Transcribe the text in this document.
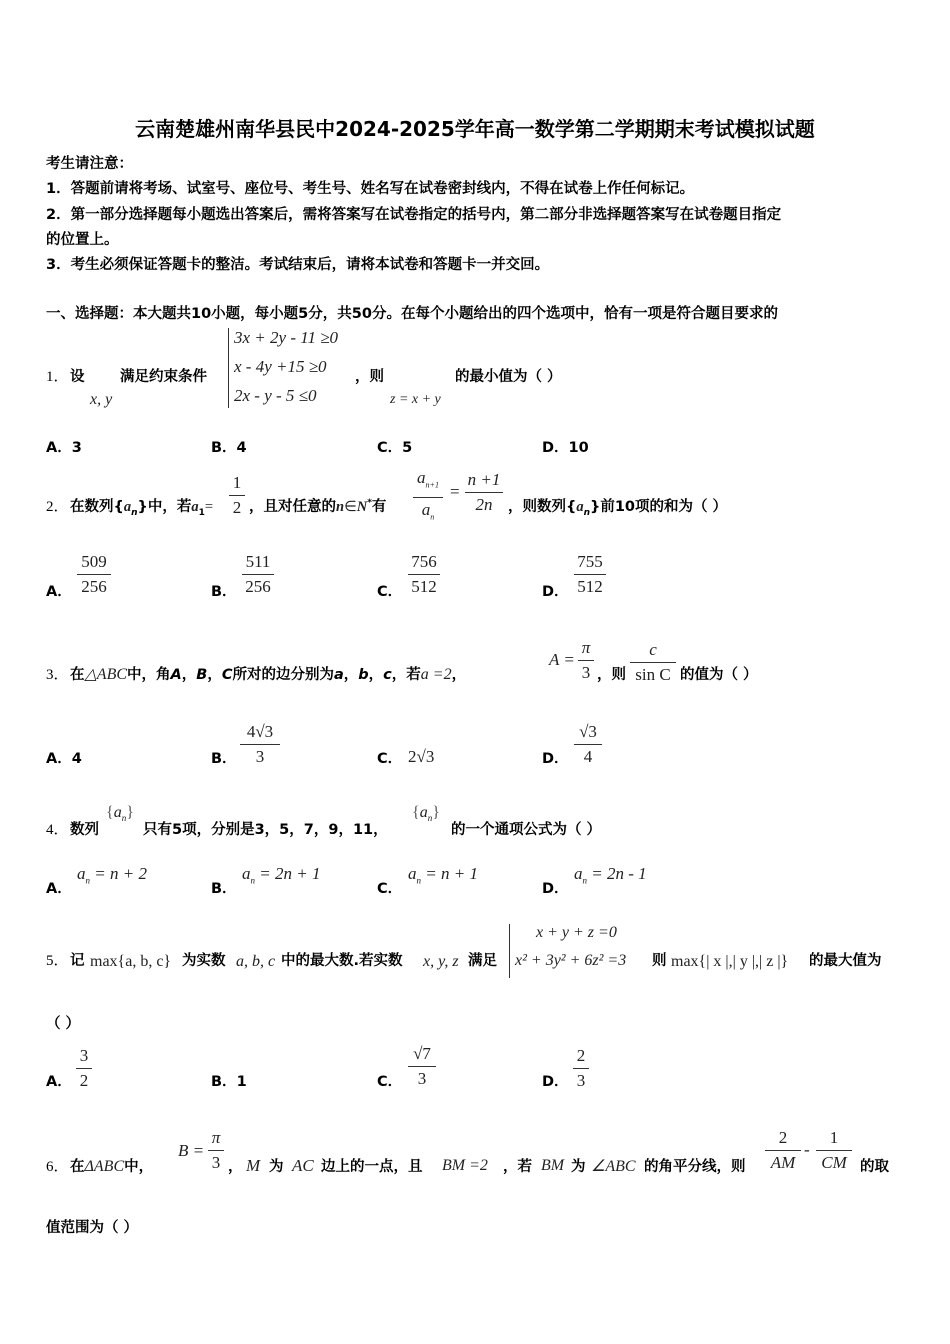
云南楚雄州南华县民中2024-2025学年高一数学第二学期期末考试模拟试题
考生请注意：
1．答题前请将考场、试室号、座位号、考生号、姓名写在试卷密封线内，不得在试卷上作任何标记。
2．第一部分选择题每小题选出答案后，需将答案写在试卷指定的括号内，第二部分非选择题答案写在试卷题目指定
的位置上。
3．考生必须保证答题卡的整洁。考试结束后，请将本试卷和答题卡一并交回。
一、选择题：本大题共10小题，每小题5分，共50分。在每个小题给出的四个选项中，恰有一项是符合题目要求的
1． 设
x, y
满足约束条件
3x + 2y - 11 ≥0
x - 4y +15 ≥0
2x - y - 5 ≤0
，则
z = x + y
的最小值为（ ）
A．3	B．4	C．5	D．10
2． 在数列$\{a_n\}$中，若$a_1=$
1
2 ，且对任意的n∈N*有
$a_{n+1}$
$a_n$
=
n +1
2n	，则数列$\{a_n\}$前10项的和为（ ）
A．
509
256	B．
511
256	C．
756
512	D．
755
512
3． 在△ABC中，角A，B，C所对的边分别为a，b，c，若a =2，
A =
π
3 ，则
c
sin C 的值为（ ）
A．4	B．
4√3
3	C． 2√3	D．
√3
4
4． 数列
$\{a_n\}$
只有5项，分别是3，5，7，9，11，
$\{a_n\}$
的一个通项公式为（ ）
A．
$a_n = n + 2$
B．
$a_n = 2n + 1$
C．
$a_n = n + 1$
D．
$a_n = 2n - 1$
5． 记 max{a, b, c} 为实数 a, b, c 中的最大数.若实数 x, y, z 满足
x + y + z =0
x² + 3y² + 6z² =3 则 max{| x |,| y |,| z |} 的最大值为
（ ）
A．
3
2	B．1	C．
√7
3	D．
2
3
6． 在ΔABC中，
B =
π
3 ， M 为 AC 边上的一点，且 BM =2 ，若 BM 为 ∠ABC 的角平分线，则
2
AM
-
1
CM 的取
值范围为（ ）
